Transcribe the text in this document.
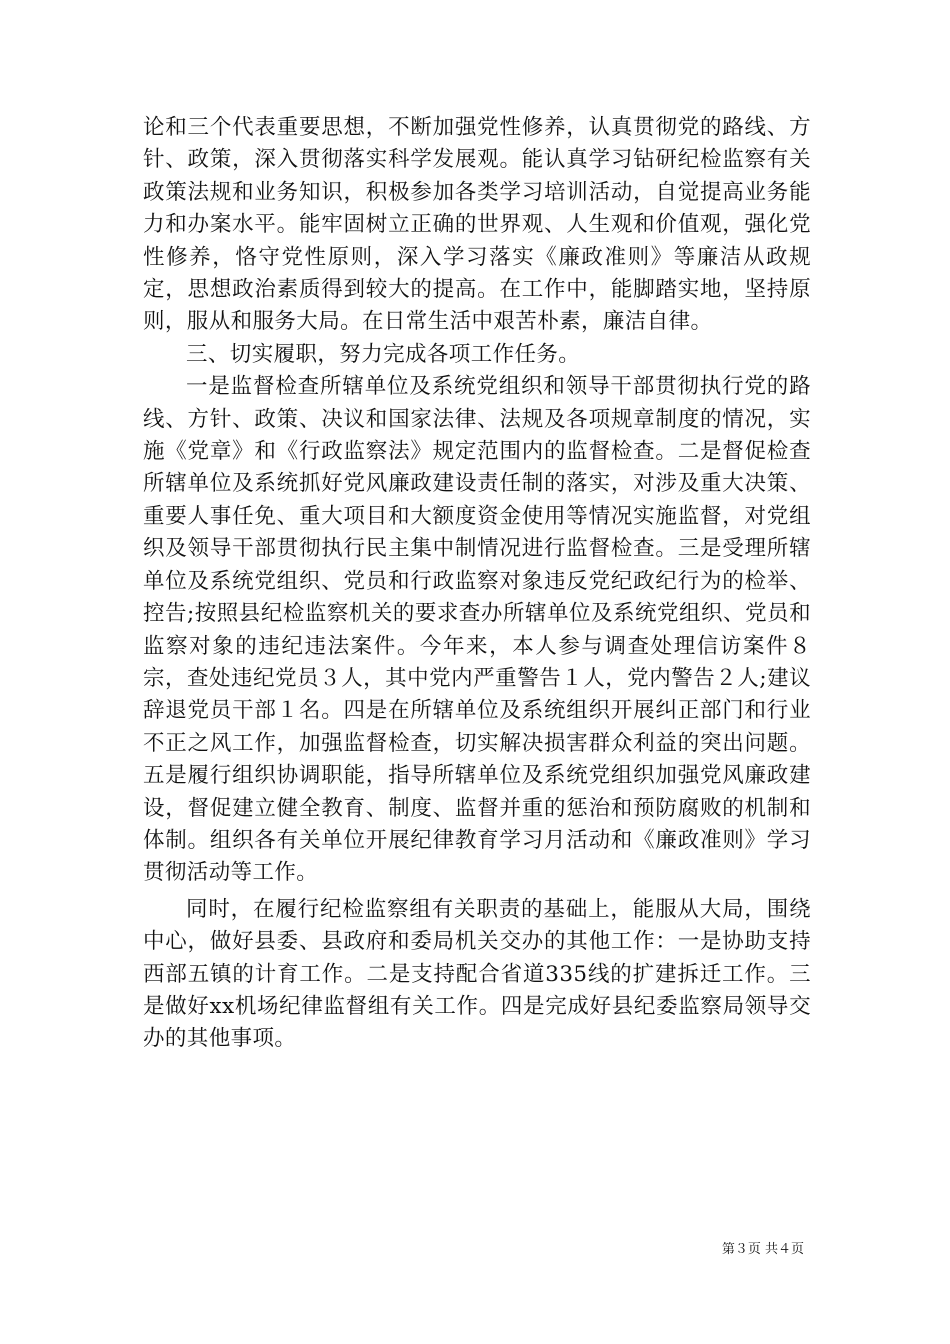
论和三个代表重要思想，不断加强党性修养，认真贯彻党的路线、方针、政策，深入贯彻落实科学发展观。能认真学习钻研纪检监察有关政策法规和业务知识，积极参加各类学习培训活动，自觉提高业务能力和办案水平。能牢固树立正确的世界观、人生观和价值观，强化党性修养，恪守党性原则，深入学习落实《廉政准则》等廉洁从政规定，思想政治素质得到较大的提高。在工作中，能脚踏实地，坚持原则，服从和服务大局。在日常生活中艰苦朴素，廉洁自律。

三、切实履职，努力完成各项工作任务。

一是监督检查所辖单位及系统党组织和领导干部贯彻执行党的路线、方针、政策、决议和国家法律、法规及各项规章制度的情况，实施《党章》和《行政监察法》规定范围内的监督检查。二是督促检查所辖单位及系统抓好党风廉政建设责任制的落实，对涉及重大决策、重要人事任免、重大项目和大额度资金使用等情况实施监督，对党组织及领导干部贯彻执行民主集中制情况进行监督检查。三是受理所辖单位及系统党组织、党员和行政监察对象违反党纪政纪行为的检举、控告;按照县纪检监察机关的要求查办所辖单位及系统党组织、党员和监察对象的违纪违法案件。今年来，本人参与调查处理信访案件８宗，查处违纪党员３人，其中党内严重警告１人，党内警告２人;建议辞退党员干部１名。四是在所辖单位及系统组织开展纠正部门和行业不正之风工作，加强监督检查，切实解决损害群众利益的突出问题。五是履行组织协调职能，指导所辖单位及系统党组织加强党风廉政建设，督促建立健全教育、制度、监督并重的惩治和预防腐败的机制和体制。组织各有关单位开展纪律教育学习月活动和《廉政准则》学习贯彻活动等工作。

同时，在履行纪检监察组有关职责的基础上，能服从大局，围绕中心，做好县委、县政府和委局机关交办的其他工作：一是协助支持西部五镇的计育工作。二是支持配合省道335线的扩建拆迁工作。三是做好xx机场纪律监督组有关工作。四是完成好县纪委监察局领导交办的其他事项。

第３页 共４页
